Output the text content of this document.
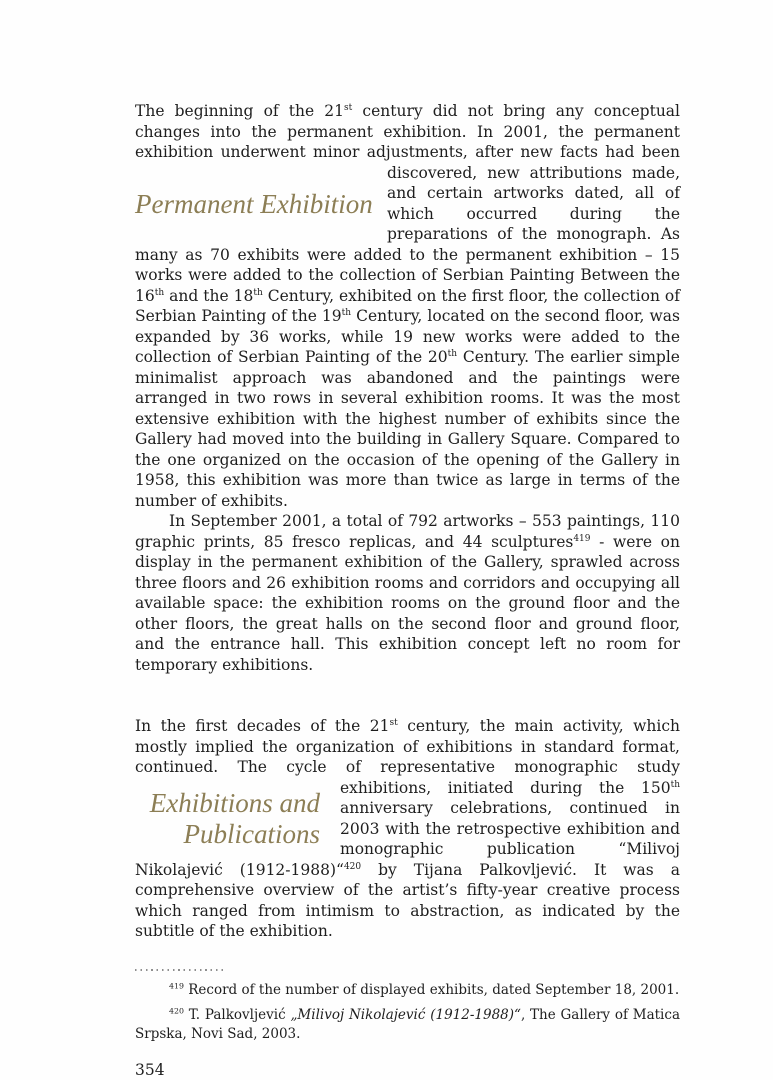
The beginning of the 21st century did not bring any conceptual changes into the permanent exhibition. In 2001, the permanent exhibition underwent minor adjustments, after new facts had been discovered, new attributions
Permanent Exhibition
made, and certain artworks dated, all of which occurred during the preparations of the monograph. As many as 70 exhibits were added to the permanent exhibition – 15 works were added to the collection of Serbian Painting Between the 16th and the 18th Century, exhibited on the first floor, the collection of Serbian Painting of the 19th Century, located on the second floor, was expanded by 36 works, while 19 new works were added to the collection of Serbian Painting of the 20th Century. The earlier simple minimalist approach was abandoned and the paintings were arranged in two rows in several exhibition rooms. It was the most extensive exhibition with the highest number of exhibits since the Gallery had moved into the building in Gallery Square. Compared to the one organized on the occasion of the opening of the Gallery in 1958, this exhibition was more than twice as large in terms of the number of exhibits.

In September 2001, a total of 792 artworks – 553 paintings, 110 graphic prints, 85 fresco replicas, and 44 sculptures$^{419}$ - were on display in the permanent exhibition of the Gallery, sprawled across three floors and 26 exhibition rooms and corridors and occupying all available space: the exhibition rooms on the ground floor and the other floors, the great halls on the second floor and ground floor, and the entrance hall. This exhibition concept left no room for temporary exhibitions.

In the first decades of the 21st century, the main activity, which mostly implied the organization of exhibitions in standard format, continued. The cycle of representative monographic study exhibitions, initiated during the
Exhibitions and Publications
150th anniversary celebrations, continued in 2003 with the retrospective exhibition and monographic publication “Milivoj Nikolajević (1912-1988)“$^{420}$ by Tijana Palkovljević. It was a comprehensive overview of the artist’s fifty-year creative process which ranged from intimism to abstraction, as indicated by the subtitle of the exhibition.

$^{419}$ Record of the number of displayed exhibits, dated September 18, 2001.

$^{420}$ T. Palkovljević „Milivoj Nikolajević (1912-1988)“, The Gallery of Matica Srpska, Novi Sad, 2003.

354
